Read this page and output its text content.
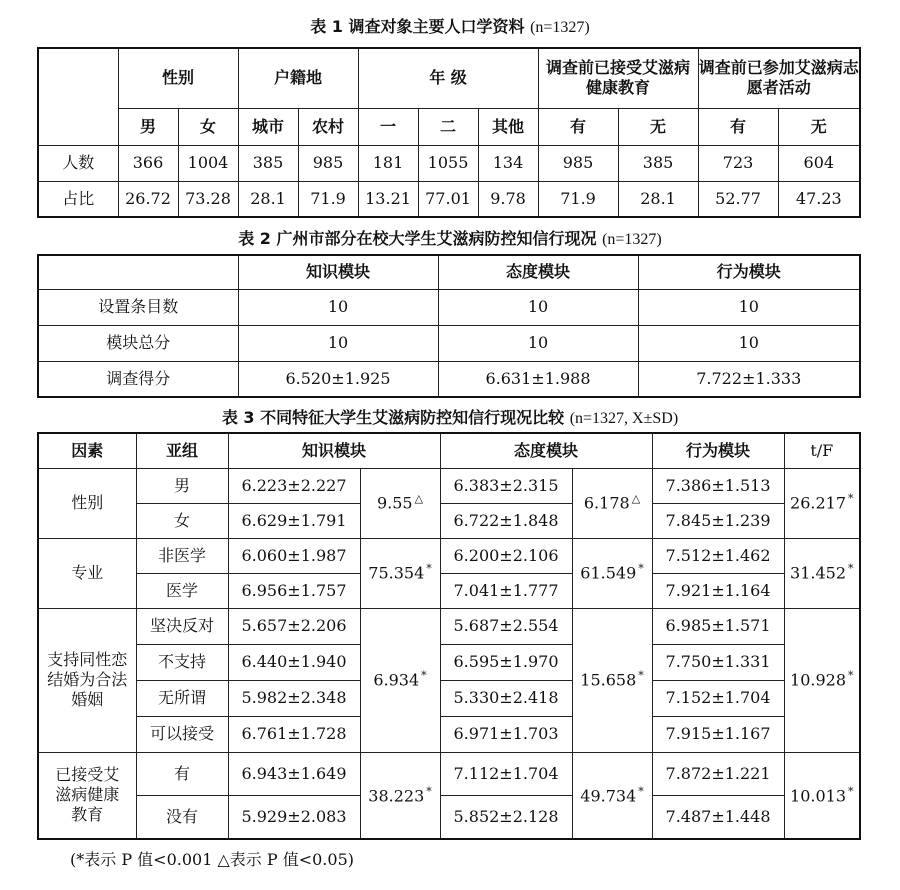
表 1 调查对象主要人口学资料 (n=1327)
	性别		户籍地		年 级			调查前已接受艾滋病健康教育		调查前已参加艾滋病志愿者活动	
	男	女	城市	农村	一	二	其他	有	无	有	无
人数	366	1004	385	985	181	1055	134	985	385	723	604
占比	26.72	73.28	28.1	71.9	13.21	77.01	9.78	71.9	28.1	52.77	47.23
表 2 广州市部分在校大学生艾滋病防控知信行现况 (n=1327)
	知识模块	态度模块	行为模块
设置条目数	10	10	10
模块总分	10	10	10
调查得分	6.520±1.925	6.631±1.988	7.722±1.333
表 3 不同特征大学生艾滋病防控知信行现况比较 (n=1327, X±SD)
因素	亚组	知识模块		态度模块		行为模块	t/F
性别	男	6.223±2.227	9.55 △	6.383±2.315	6.178 △	7.386±1.513	26.217 *
	女	6.629±1.791		6.722±1.848		7.845±1.239	
专业	非医学	6.060±1.987	75.354 *	6.200±2.106	61.549 *	7.512±1.462	31.452 *
	医学	6.956±1.757		7.041±1.777		7.921±1.164	
支持同性恋结婚为合法婚姻	坚决反对	5.657±2.206	6.934 *	5.687±2.554	15.658 *	6.985±1.571	10.928 *
	不支持	6.440±1.940		6.595±1.970		7.750±1.331	
	无所谓	5.982±2.348		5.330±2.418		7.152±1.704	
	可以接受	6.761±1.728		6.971±1.703		7.915±1.167	
已接受艾滋病健康教育	有	6.943±1.649	38.223 *	7.112±1.704	49.734 *	7.872±1.221	10.013 *
	没有	5.929±2.083		5.852±2.128		7.487±1.448	
(*表示 P 值<0.001 △表示 P 值<0.05)
